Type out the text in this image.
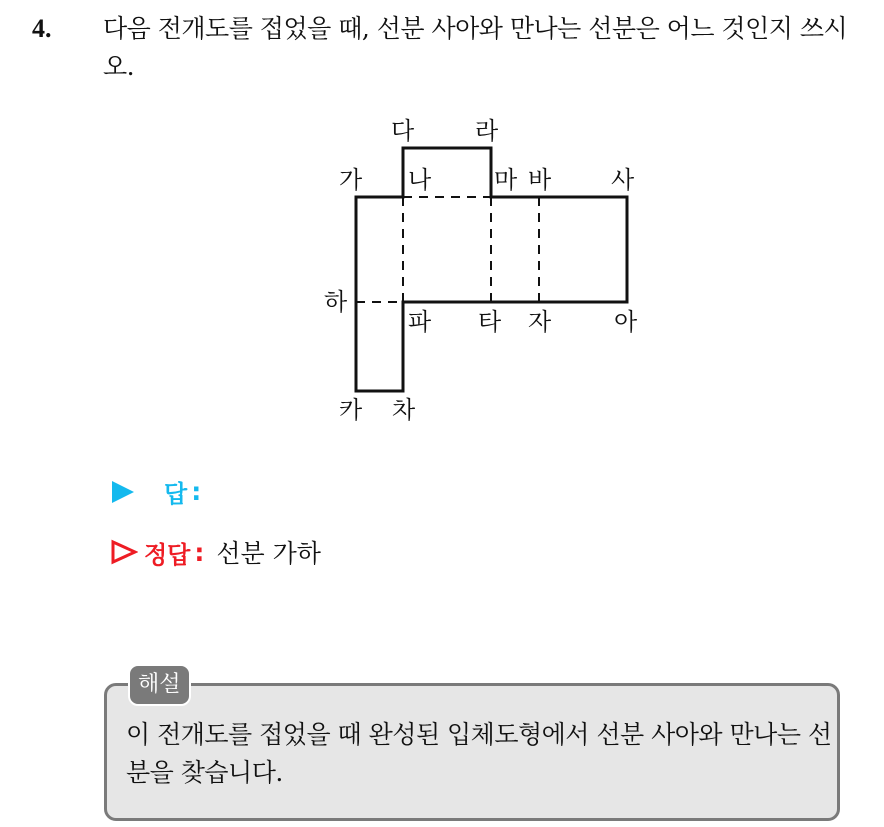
4. 다음 전개도를 접었을 때, 선분 사아와 만나는 선분은 어느 것인지 쓰시오.
다	라
가 나	마 바 사
하
파 타 자	아
카 차
답 :
정답 : 선분 가하
해설
이 전개도를 접었을 때 완성된 입체도형에서 선분 사아와 만나는 선분을 찾습니다.
